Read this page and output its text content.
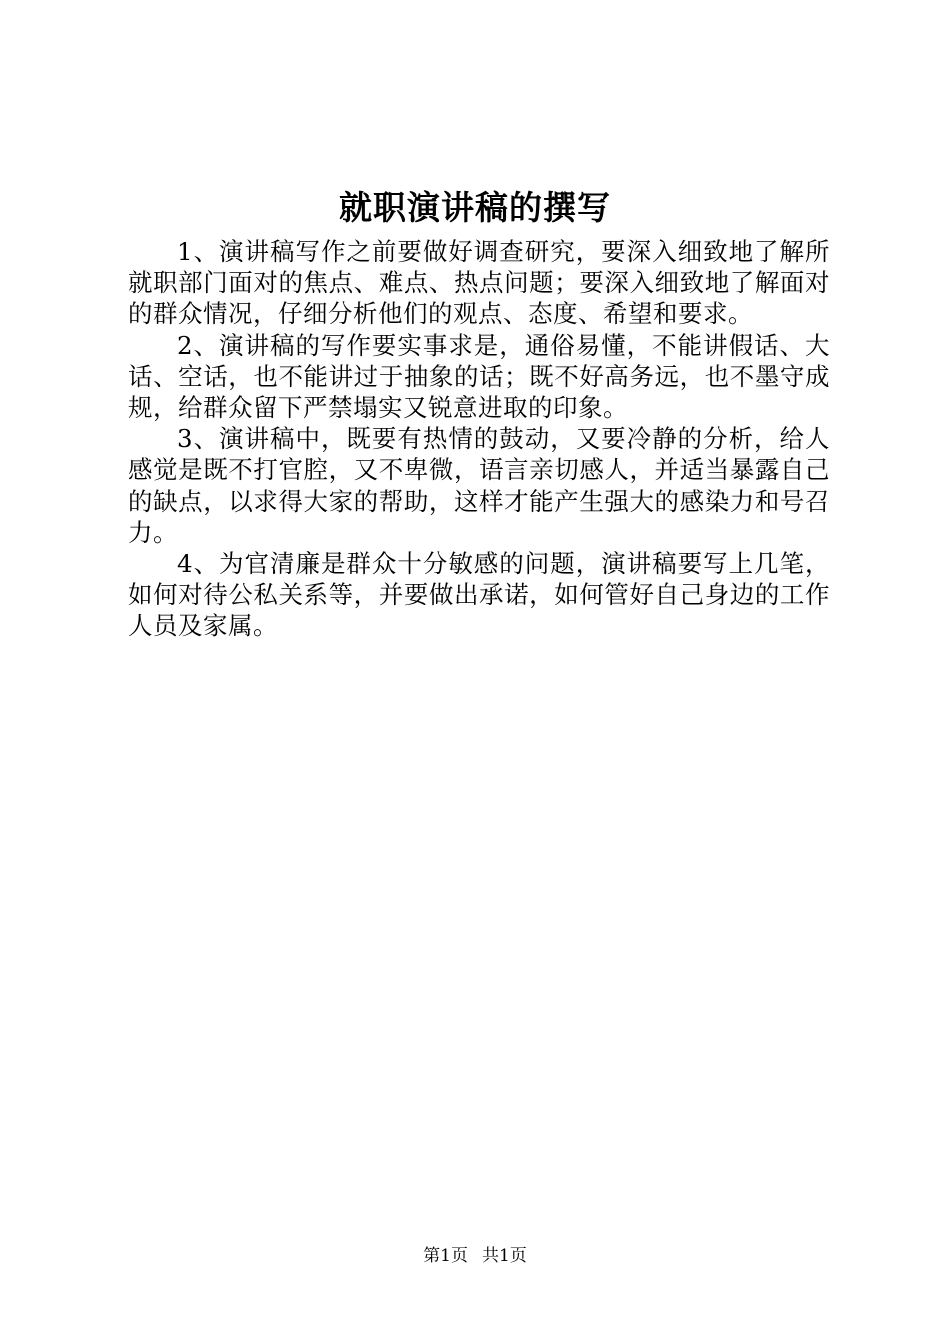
就职演讲稿的撰写

1、演讲稿写作之前要做好调查研究，要深入细致地了解所就职部门面对的焦点、难点、热点问题；要深入细致地了解面对的群众情况，仔细分析他们的观点、态度、希望和要求。

2、演讲稿的写作要实事求是，通俗易懂，不能讲假话、大话、空话，也不能讲过于抽象的话；既不好高务远，也不墨守成规，给群众留下严禁塌实又锐意进取的印象。

3、演讲稿中，既要有热情的鼓动，又要冷静的分析，给人感觉是既不打官腔，又不卑微，语言亲切感人，并适当暴露自己的缺点，以求得大家的帮助，这样才能产生强大的感染力和号召力。

4、为官清廉是群众十分敏感的问题，演讲稿要写上几笔，如何对待公私关系等，并要做出承诺，如何管好自己身边的工作人员及家属。

第1页 共1页
